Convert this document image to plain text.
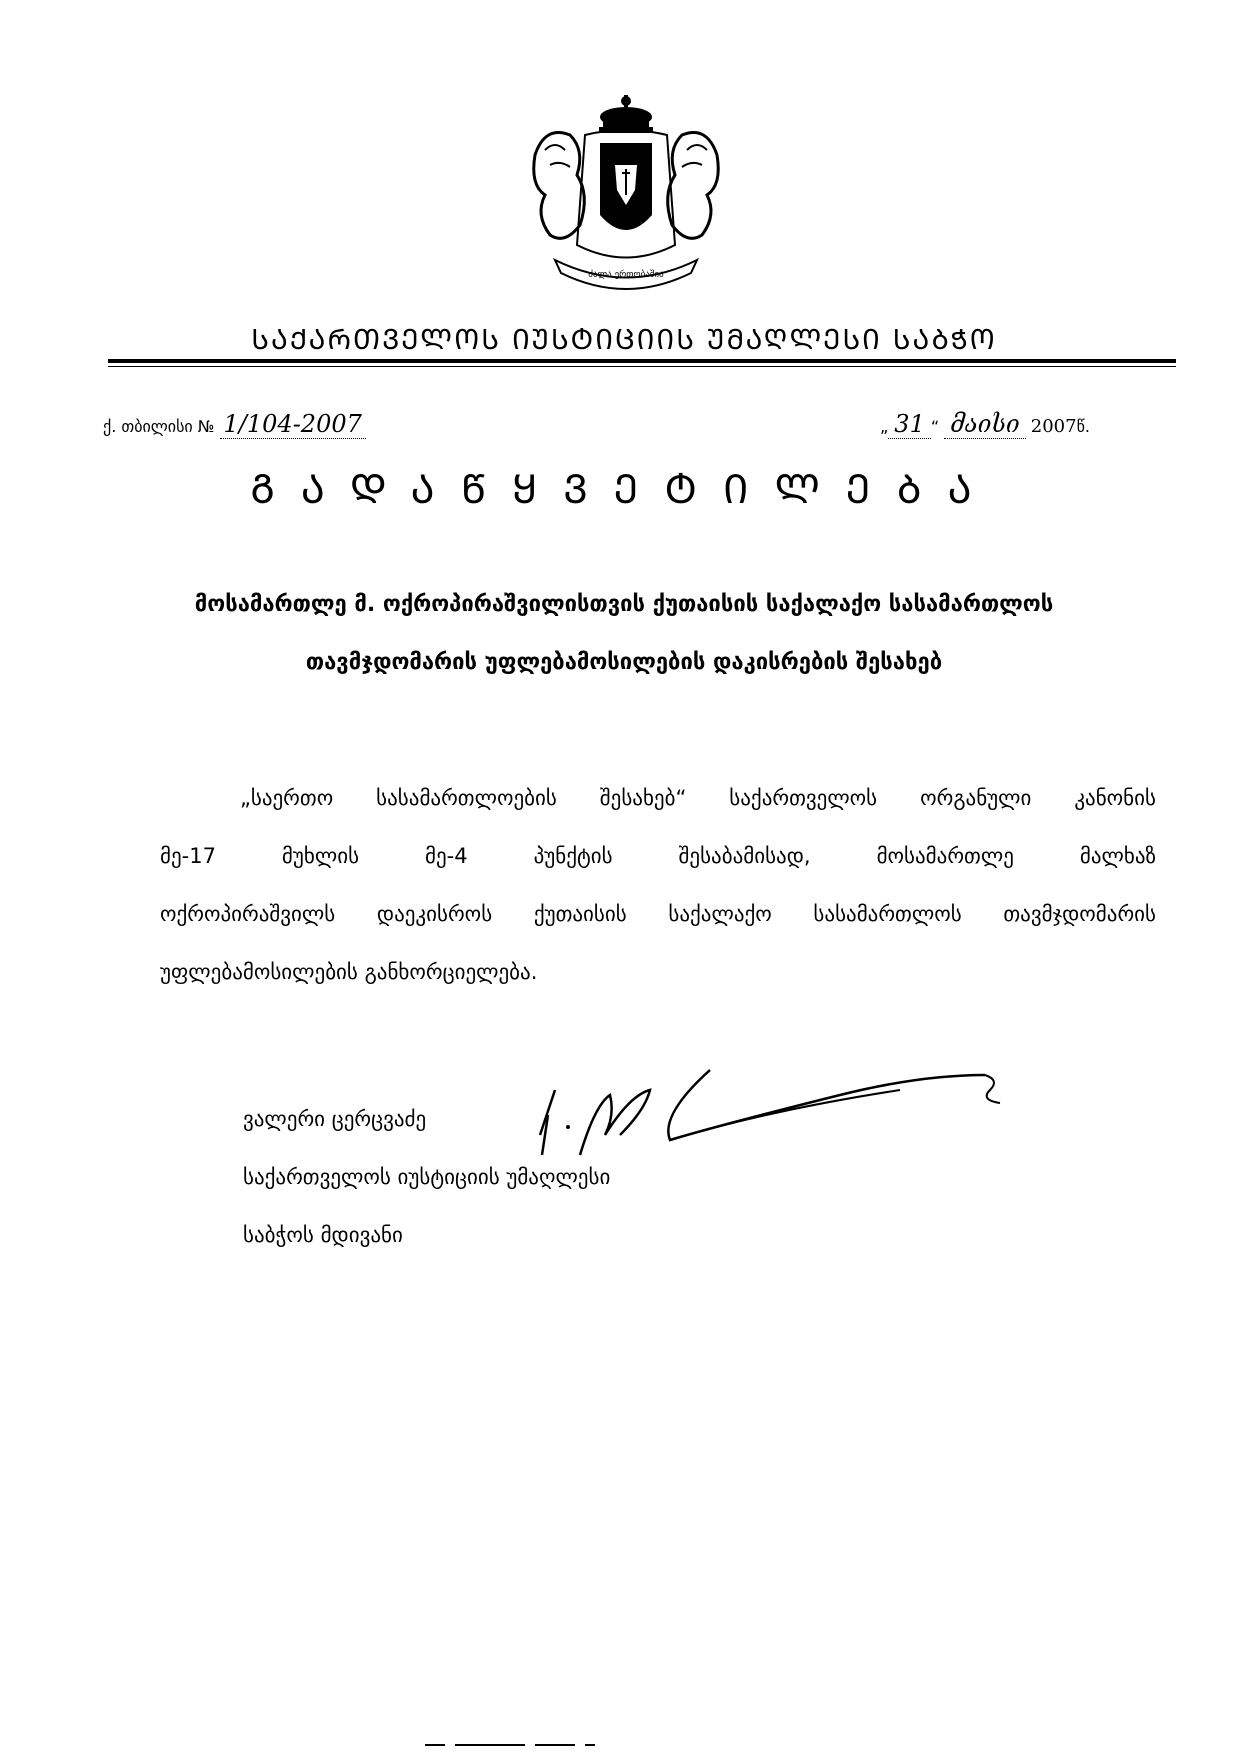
ძალა ერთობაშია
ᲡᲐᲥᲐᲠᲗᲕᲔᲚᲝᲡ ᲘᲣᲡᲢᲘᲪᲘᲘᲡ ᲣᲛᲐᲦᲚᲔᲡᲘ ᲡᲐᲑᲭᲝ
ქ. თბილისი № 1/104-2007	„ 31 “ მაისი 2007წ.
ᲒᲐᲓᲐᲬᲧᲕᲔᲢᲘᲚᲔᲑᲐ
მოსამართლე მ. ოქროპირაშვილისთვის ქუთაისის საქალაქო სასამართლოს
თავმჯდომარის უფლებამოსილების დაკისრების შესახებ
„საერთო სასამართლოების შესახებ“ საქართველოს ორგანული კანონის
მე-17 მუხლის მე-4 პუნქტის შესაბამისად, მოსამართლე მალხაზ
ოქროპირაშვილს დაეკისროს ქუთაისის საქალაქო სასამართლოს თავმჯდომარის
უფლებამოსილების განხორციელება.
ვალერი ცერცვაძე
საქართველოს იუსტიციის უმაღლესი
საბჭოს მდივანი
